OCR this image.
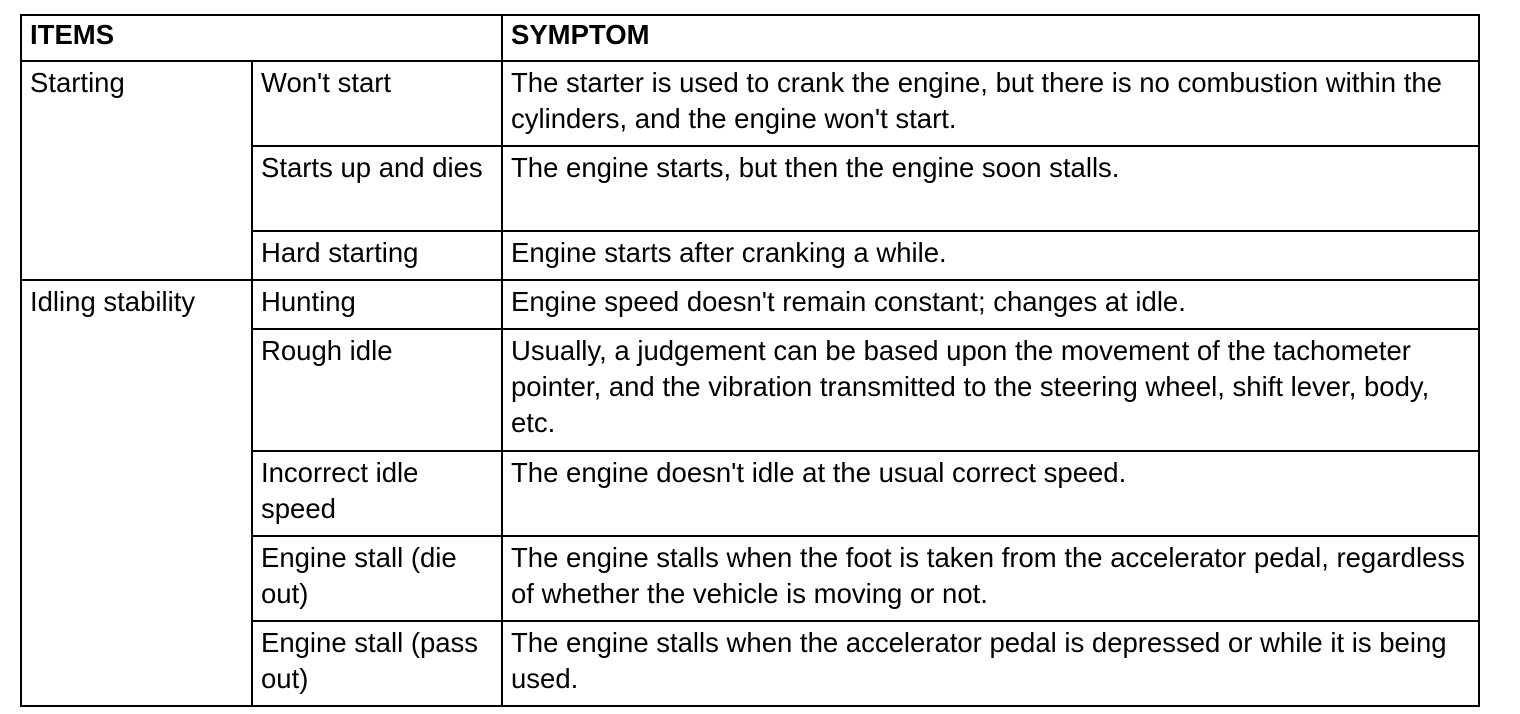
ITEMS		SYMPTOM
Starting	Won't start	The starter is used to crank the engine, but there is no combustion within the cylinders, and the engine won't start.
	Starts up and dies	The engine starts, but then the engine soon stalls.
	Hard starting	Engine starts after cranking a while.
Idling stability	Hunting	Engine speed doesn't remain constant; changes at idle.
	Rough idle	Usually, a judgement can be based upon the movement of the tachometer pointer, and the vibration transmitted to the steering wheel, shift lever, body, etc.
	Incorrect idle speed	The engine doesn't idle at the usual correct speed.
	Engine stall (die out)	The engine stalls when the foot is taken from the accelerator pedal, regardless of whether the vehicle is moving or not.
	Engine stall (pass out)	The engine stalls when the accelerator pedal is depressed or while it is being used.
